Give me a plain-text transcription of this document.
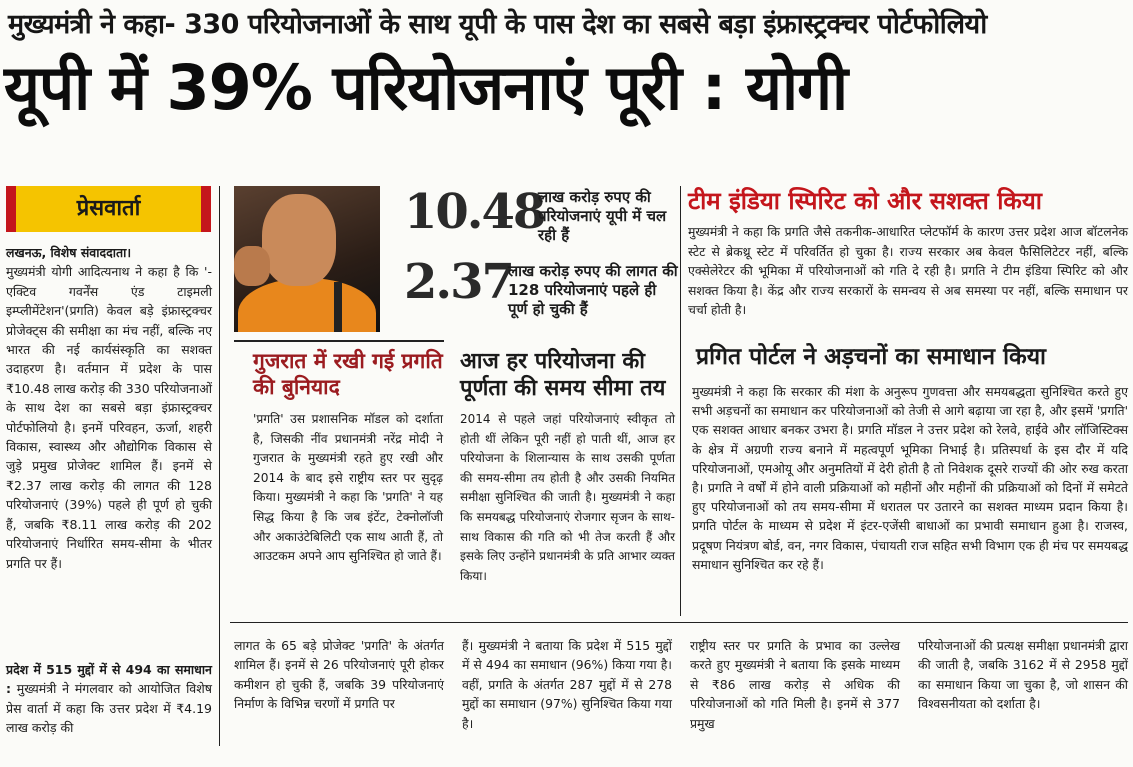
मुख्यमंत्री ने कहा- 330 परियोजनाओं के साथ यूपी के पास देश का सबसे बड़ा इंफ्रास्ट्रक्चर पोर्टफोलियो
यूपी में 39% परियोजनाएं पूरी : योगी
प्रेसवार्ता

लखनऊ, विशेष संवाददाता।

मुख्यमंत्री योगी आदित्यनाथ ने कहा है कि '-एक्टिव गवर्नेंस एंड टाइमली इम्प्लीमेंटेशन'(प्रगति) केवल बड़े इंफ्रास्ट्रक्चर प्रोजेक्ट्स की समीक्षा का मंच नहीं, बल्कि नए भारत की नई कार्यसंस्कृति का सशक्त उदाहरण है। वर्तमान में प्रदेश के पास ₹10.48 लाख करोड़ की 330 परियोजनाओं के साथ देश का सबसे बड़ा इंफ्रास्ट्रक्चर पोर्टफोलियो है। इनमें परिवहन, ऊर्जा, शहरी विकास, स्वास्थ्य और औद्योगिक विकास से जुड़े प्रमुख प्रोजेक्ट शामिल हैं। इनमें से ₹2.37 लाख करोड़ की लागत की 128 परियोजनाएं (39%) पहले ही पूर्ण हो चुकी हैं, जबकि ₹8.11 लाख करोड़ की 202 परियोजनाएं निर्धारित समय-सीमा के भीतर प्रगति पर हैं।

प्रदेश में 515 मुद्दों में से 494 का समाधान : मुख्यमंत्री ने मंगलवार को आयोजित विशेष प्रेस वार्ता में कहा कि उत्तर प्रदेश में ₹4.19 लाख करोड़ की
10.48
लाख करोड़ रुपए की परियोजनाएं यूपी में चल रही हैं
2.37
लाख करोड़ रुपए की लागत की 128 परियोजनाएं पहले ही पूर्ण हो चुकी हैं
गुजरात में रखी गई प्रगति की बुनियाद
'प्रगति' उस प्रशासनिक मॉडल को दर्शाता है, जिसकी नींव प्रधानमंत्री नरेंद्र मोदी ने गुजरात के मुख्यमंत्री रहते हुए रखी और 2014 के बाद इसे राष्ट्रीय स्तर पर सुदृढ़ किया। मुख्यमंत्री ने कहा कि 'प्रगति' ने यह सिद्ध किया है कि जब इंटेंट, टेक्नोलॉजी और अकाउंटेबिलिटी एक साथ आती हैं, तो आउटकम अपने आप सुनिश्चित हो जाते हैं।
आज हर परियोजना की पूर्णता की समय सीमा तय
2014 से पहले जहां परियोजनाएं स्वीकृत तो होती थीं लेकिन पूरी नहीं हो पाती थीं, आज हर परियोजना के शिलान्यास के साथ उसकी पूर्णता की समय-सीमा तय होती है और उसकी नियमित समीक्षा सुनिश्चित की जाती है। मुख्यमंत्री ने कहा कि समयबद्ध परियोजनाएं रोजगार सृजन के साथ-साथ विकास की गति को भी तेज करती हैं और इसके लिए उन्होंने प्रधानमंत्री के प्रति आभार व्यक्त किया।
टीम इंडिया स्पिरिट को और सशक्त किया
मुख्यमंत्री ने कहा कि प्रगति जैसे तकनीक-आधारित प्लेटफॉर्म के कारण उत्तर प्रदेश आज बॉटलनेक स्टेट से ब्रेकथ्रू स्टेट में परिवर्तित हो चुका है। राज्य सरकार अब केवल फैसिलिटेटर नहीं, बल्कि एक्सेलेरेटर की भूमिका में परियोजनाओं को गति दे रही है। प्रगति ने टीम इंडिया स्पिरिट को और सशक्त किया है। केंद्र और राज्य सरकारों के समन्वय से अब समस्या पर नहीं, बल्कि समाधान पर चर्चा होती है।
प्रगित पोर्टल ने अड़चनों का समाधान किया
मुख्यमंत्री ने कहा कि सरकार की मंशा के अनुरूप गुणवत्ता और समयबद्धता सुनिश्चित करते हुए सभी अड़चनों का समाधान कर परियोजनाओं को तेजी से आगे बढ़ाया जा रहा है, और इसमें 'प्रगति' एक सशक्त आधार बनकर उभरा है। प्रगति मॉडल ने उत्तर प्रदेश को रेलवे, हाईवे और लॉजिस्टिक्स के क्षेत्र में अग्रणी राज्य बनाने में महत्वपूर्ण भूमिका निभाई है। प्रतिस्पर्धा के इस दौर में यदि परियोजनाओं, एमओयू और अनुमतियों में देरी होती है तो निवेशक दूसरे राज्यों की ओर रुख करता है। प्रगति ने वर्षों में होने वाली प्रक्रियाओं को महीनों और महीनों की प्रक्रियाओं को दिनों में समेटते हुए परियोजनाओं को तय समय-सीमा में धरातल पर उतारने का सशक्त माध्यम प्रदान किया है। प्रगति पोर्टल के माध्यम से प्रदेश में इंटर-एजेंसी बाधाओं का प्रभावी समाधान हुआ है। राजस्व, प्रदूषण नियंत्रण बोर्ड, वन, नगर विकास, पंचायती राज सहित सभी विभाग एक ही मंच पर समयबद्ध समाधान सुनिश्चित कर रहे हैं।
लागत के 65 बड़े प्रोजेक्ट 'प्रगति' के अंतर्गत शामिल हैं। इनमें से 26 परियोजनाएं पूरी होकर कमीशन हो चुकी हैं, जबकि 39 परियोजनाएं निर्माण के विभिन्न चरणों में प्रगति पर
हैं। मुख्यमंत्री ने बताया कि प्रदेश में 515 मुद्दों में से 494 का समाधान (96%) किया गया है। वहीं, प्रगति के अंतर्गत 287 मुद्दों में से 278 मुद्दों का समाधान (97%) सुनिश्चित किया गया है।
राष्ट्रीय स्तर पर प्रगति के प्रभाव का उल्लेख करते हुए मुख्यमंत्री ने बताया कि इसके माध्यम से ₹86 लाख करोड़ से अधिक की परियोजनाओं को गति मिली है। इनमें से 377 प्रमुख
परियोजनाओं की प्रत्यक्ष समीक्षा प्रधानमंत्री द्वारा की जाती है, जबकि 3162 में से 2958 मुद्दों का समाधान किया जा चुका है, जो शासन की विश्वसनीयता को दर्शाता है।
